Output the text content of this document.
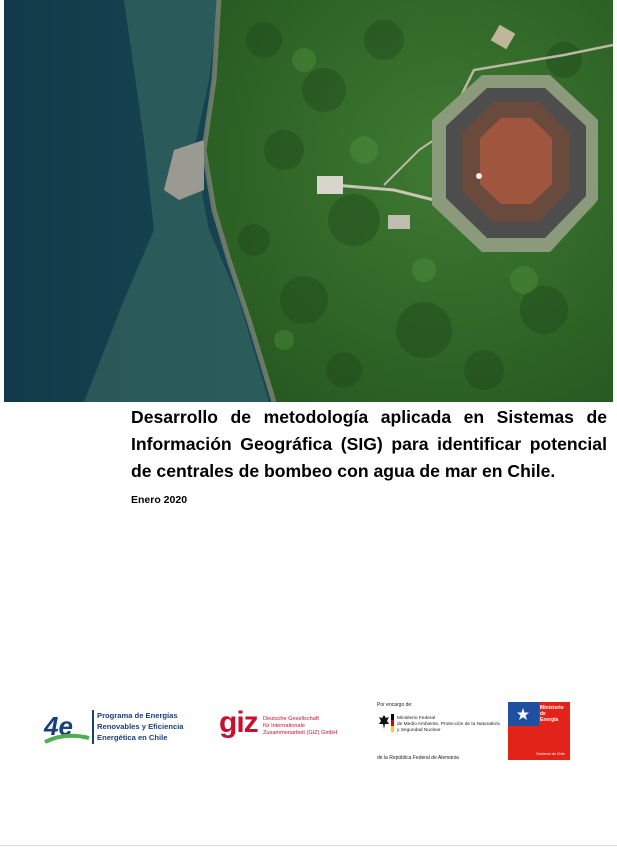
Desarrollo de metodología aplicada en Sistemas de Información Geográfica (SIG) para identificar potencial de centrales de bombeo con agua de mar en Chile.
Enero 2020
4e	Programa de Energías
Renovables y Eficiencia
Energética en Chile	giz Deutsche Gesellschaft
für Internationale
Zusammenarbeit (GIZ) GmbH
Por encargo de:
Ministerio Federal
de Medio Ambiente, Protección de la Naturaleza
y Seguridad Nuclear
de la República Federal de Alemania
Ministerio de
Energía
Gobierno de Chile
